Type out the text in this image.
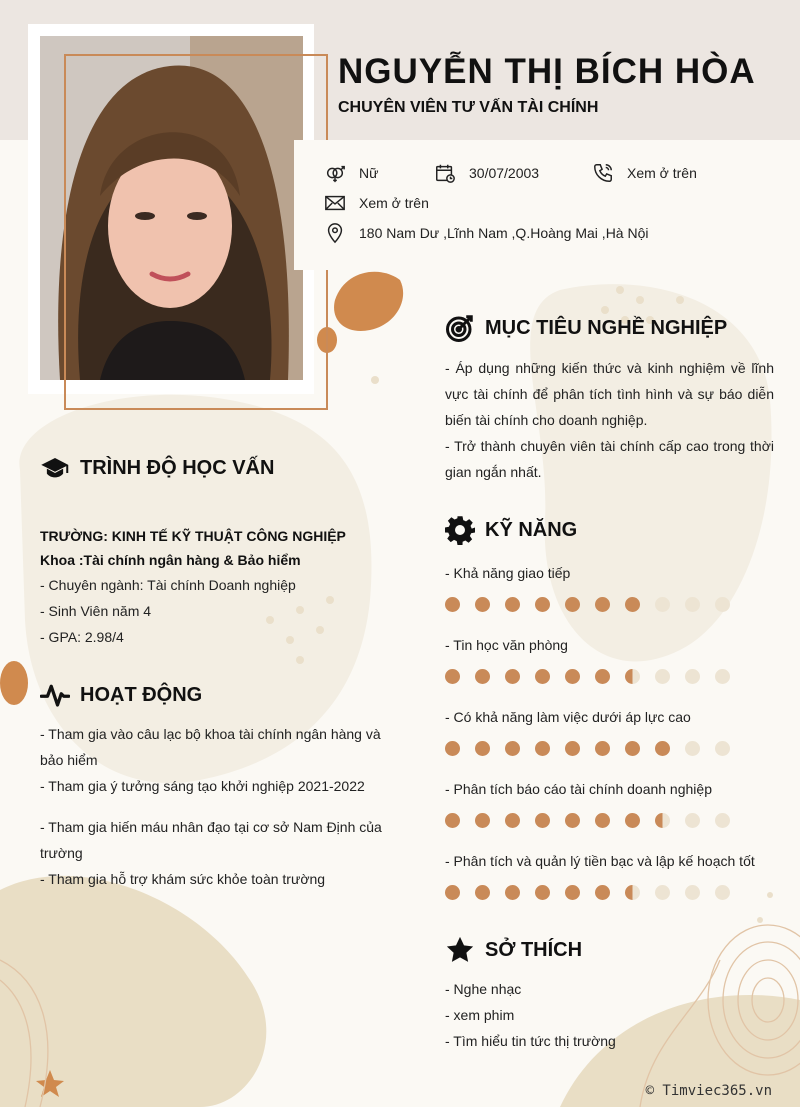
NGUYỄN THỊ BÍCH HÒA
CHUYÊN VIÊN TƯ VẤN TÀI CHÍNH
Nữ	30/07/2003	Xem ở trên
Xem ở trên
180 Nam Dư ,Lĩnh Nam ,Q.Hoàng Mai ,Hà Nội
MỤC TIÊU NGHỀ NGHIỆP
- Áp dụng những kiến thức và kinh nghiệm về lĩnh vực tài chính để phân tích tình hình và sự báo diễn biến tài chính cho doanh nghiệp.
- Trở thành chuyên viên tài chính cấp cao trong thời gian ngắn nhất.
TRÌNH ĐỘ HỌC VẤN
TRƯỜNG: KINH TẾ KỸ THUẬT CÔNG NGHIỆP
Khoa :Tài chính ngân hàng & Bảo hiểm
- Chuyên ngành: Tài chính Doanh nghiệp
- Sinh Viên năm 4
- GPA: 2.98/4
KỸ NĂNG
- Khả năng giao tiếp
- Tin học văn phòng
- Có khả năng làm việc dưới áp lực cao
- Phân tích báo cáo tài chính doanh nghiệp
- Phân tích và quản lý tiền bạc và lập kế hoạch tốt
HOẠT ĐỘNG
- Tham gia vào câu lạc bộ khoa tài chính ngân hàng và
bảo hiểm
- Tham gia ý tưởng sáng tạo khởi nghiệp 2021-2022
- Tham gia hiến máu nhân đạo tại cơ sở Nam Định của
trường
- Tham gia hỗ trợ khám sức khỏe toàn trường
SỞ THÍCH
- Nghe nhạc
- xem phim
- Tìm hiểu tin tức thị trường
© Timviec365.vn
